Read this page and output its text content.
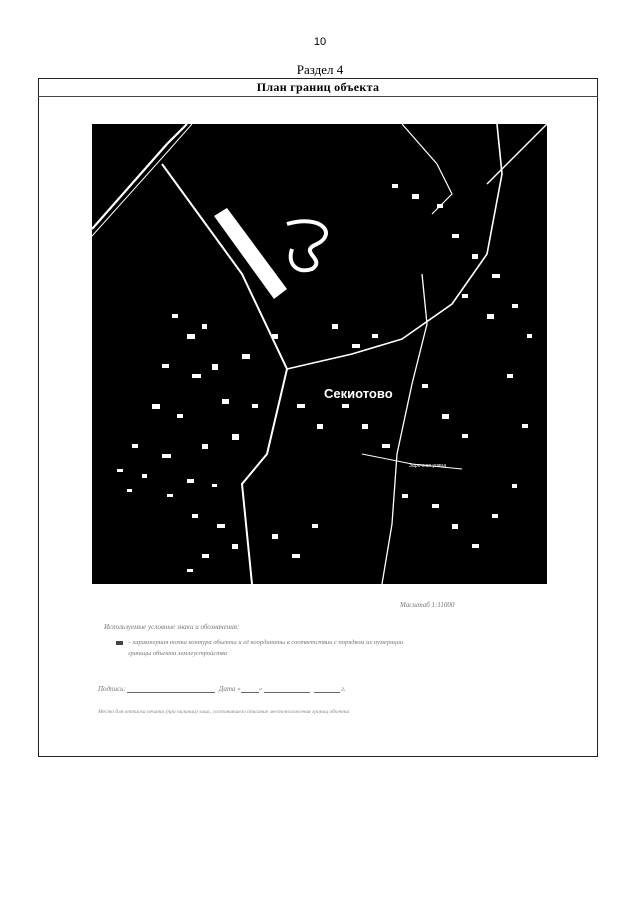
10
Раздел 4
План границ объекта
Секиотово
Заречная улица
Масштаб 1:11000
Используемые условные знаки и обозначения:
- характерная точка контура объекта и её координаты в соответствии с порядком их нумерации
границы объекта землеустройства
Подпись:	Дата «	»	г.
Место для оттиска печати (при наличии) лица, составившего описание местоположения границ объекта
